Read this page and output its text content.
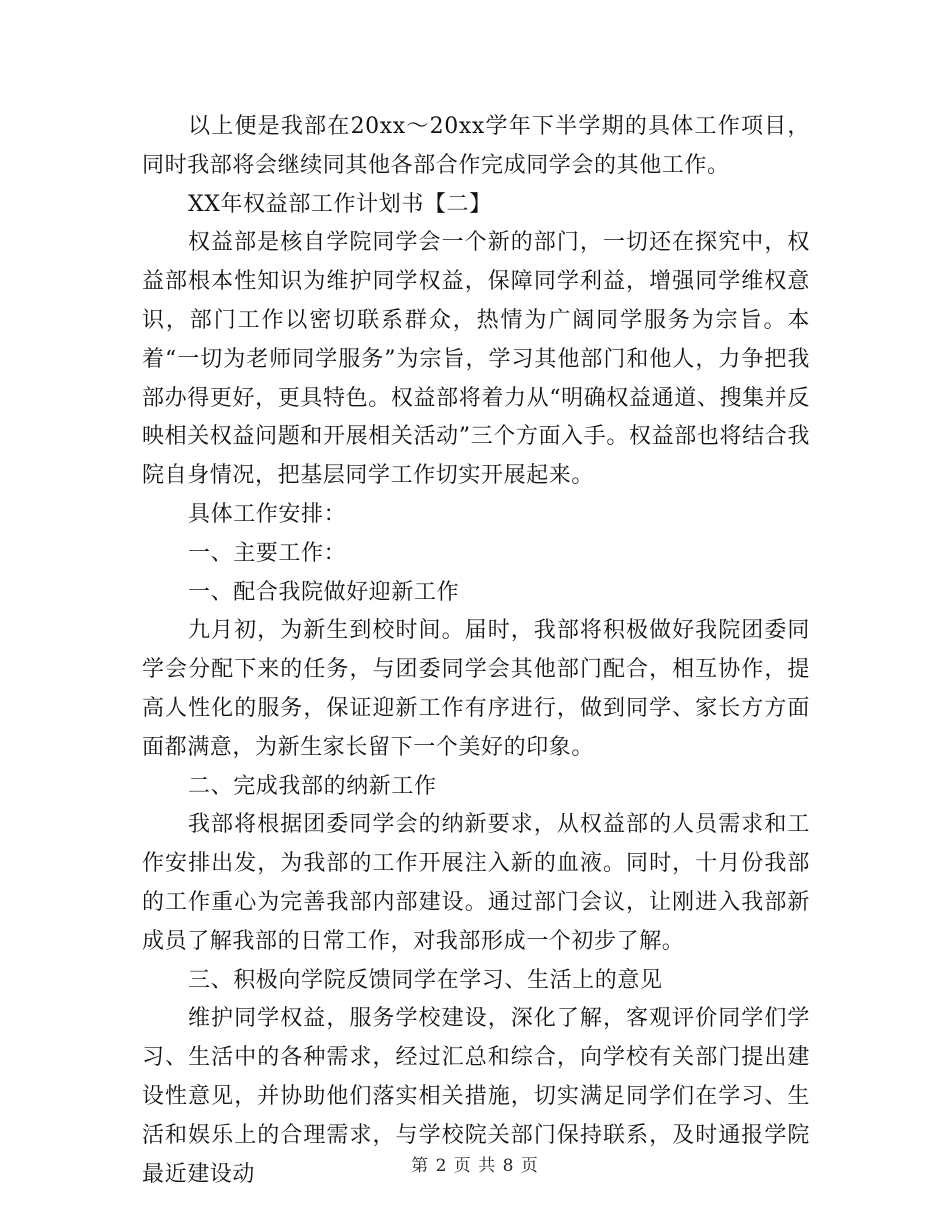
以上便是我部在20xx～20xx学年下半学期的具体工作项目，同时我部将会继续同其他各部合作完成同学会的其他工作。

XX年权益部工作计划书【二】

权益部是核自学院同学会一个新的部门，一切还在探究中，权益部根本性知识为维护同学权益，保障同学利益，增强同学维权意识，部门工作以密切联系群众，热情为广阔同学服务为宗旨。本着“一切为老师同学服务”为宗旨，学习其他部门和他人，力争把我部办得更好，更具特色。权益部将着力从“明确权益通道、搜集并反映相关权益问题和开展相关活动”三个方面入手。权益部也将结合我院自身情况，把基层同学工作切实开展起来。

具体工作安排：

一、主要工作：

一、配合我院做好迎新工作

九月初，为新生到校时间。届时，我部将积极做好我院团委同学会分配下来的任务，与团委同学会其他部门配合，相互协作，提高人性化的服务，保证迎新工作有序进行，做到同学、家长方方面面都满意，为新生家长留下一个美好的印象。

二、完成我部的纳新工作

我部将根据团委同学会的纳新要求，从权益部的人员需求和工作安排出发，为我部的工作开展注入新的血液。同时，十月份我部的工作重心为完善我部内部建设。通过部门会议，让刚进入我部新成员了解我部的日常工作，对我部形成一个初步了解。

三、积极向学院反馈同学在学习、生活上的意见

维护同学权益，服务学校建设，深化了解，客观评价同学们学习、生活中的各种需求，经过汇总和综合，向学校有关部门提出建设性意见，并协助他们落实相关措施，切实满足同学们在学习、生活和娱乐上的合理需求，与学校院关部门保持联系，及时通报学院最近建设动	第 2 页 共 8 页
